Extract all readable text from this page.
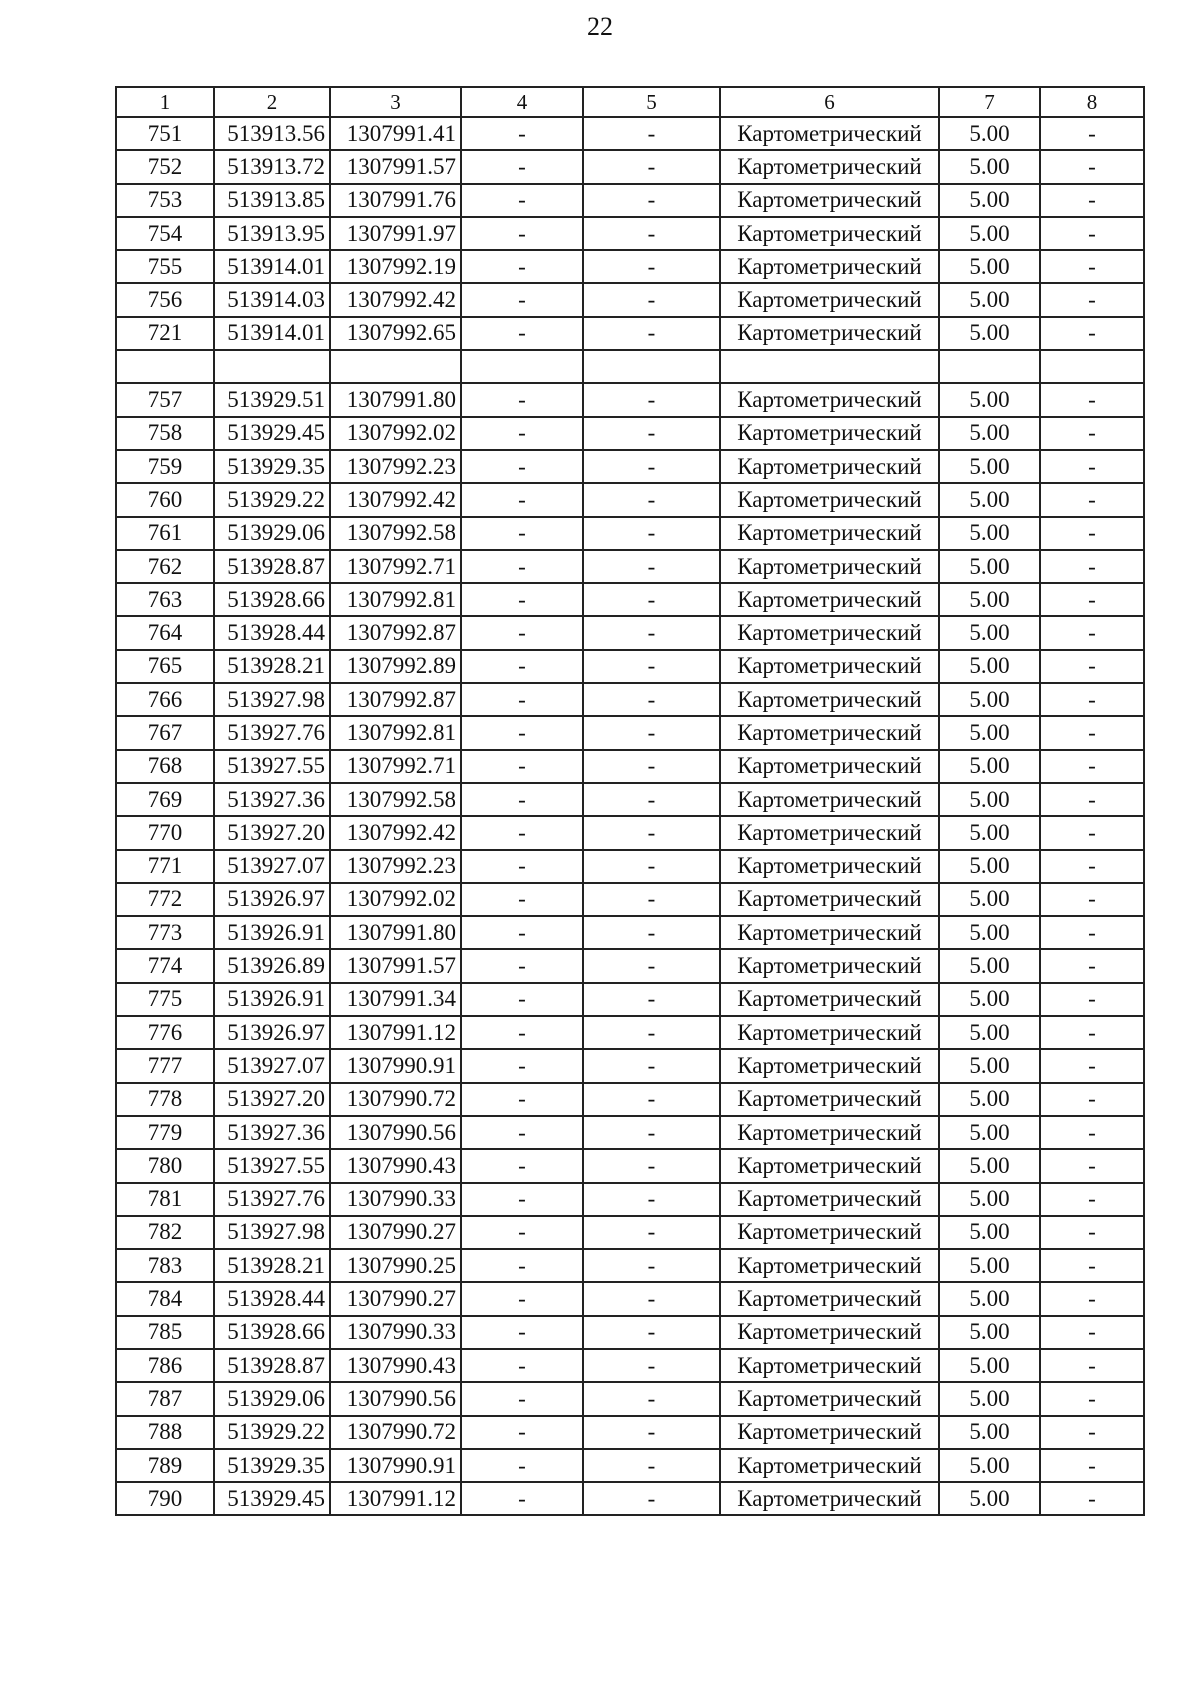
22
1	2	3	4	5	6	7	8
751	513913.56	1307991.41	-	-	Картометрический	5.00	-
752	513913.72	1307991.57	-	-	Картометрический	5.00	-
753	513913.85	1307991.76	-	-	Картометрический	5.00	-
754	513913.95	1307991.97	-	-	Картометрический	5.00	-
755	513914.01	1307992.19	-	-	Картометрический	5.00	-
756	513914.03	1307992.42	-	-	Картометрический	5.00	-
721	513914.01	1307992.65	-	-	Картометрический	5.00	-

757	513929.51	1307991.80	-	-	Картометрический	5.00	-
758	513929.45	1307992.02	-	-	Картометрический	5.00	-
759	513929.35	1307992.23	-	-	Картометрический	5.00	-
760	513929.22	1307992.42	-	-	Картометрический	5.00	-
761	513929.06	1307992.58	-	-	Картометрический	5.00	-
762	513928.87	1307992.71	-	-	Картометрический	5.00	-
763	513928.66	1307992.81	-	-	Картометрический	5.00	-
764	513928.44	1307992.87	-	-	Картометрический	5.00	-
765	513928.21	1307992.89	-	-	Картометрический	5.00	-
766	513927.98	1307992.87	-	-	Картометрический	5.00	-
767	513927.76	1307992.81	-	-	Картометрический	5.00	-
768	513927.55	1307992.71	-	-	Картометрический	5.00	-
769	513927.36	1307992.58	-	-	Картометрический	5.00	-
770	513927.20	1307992.42	-	-	Картометрический	5.00	-
771	513927.07	1307992.23	-	-	Картометрический	5.00	-
772	513926.97	1307992.02	-	-	Картометрический	5.00	-
773	513926.91	1307991.80	-	-	Картометрический	5.00	-
774	513926.89	1307991.57	-	-	Картометрический	5.00	-
775	513926.91	1307991.34	-	-	Картометрический	5.00	-
776	513926.97	1307991.12	-	-	Картометрический	5.00	-
777	513927.07	1307990.91	-	-	Картометрический	5.00	-
778	513927.20	1307990.72	-	-	Картометрический	5.00	-
779	513927.36	1307990.56	-	-	Картометрический	5.00	-
780	513927.55	1307990.43	-	-	Картометрический	5.00	-
781	513927.76	1307990.33	-	-	Картометрический	5.00	-
782	513927.98	1307990.27	-	-	Картометрический	5.00	-
783	513928.21	1307990.25	-	-	Картометрический	5.00	-
784	513928.44	1307990.27	-	-	Картометрический	5.00	-
785	513928.66	1307990.33	-	-	Картометрический	5.00	-
786	513928.87	1307990.43	-	-	Картометрический	5.00	-
787	513929.06	1307990.56	-	-	Картометрический	5.00	-
788	513929.22	1307990.72	-	-	Картометрический	5.00	-
789	513929.35	1307990.91	-	-	Картометрический	5.00	-
790	513929.45	1307991.12	-	-	Картометрический	5.00	-
